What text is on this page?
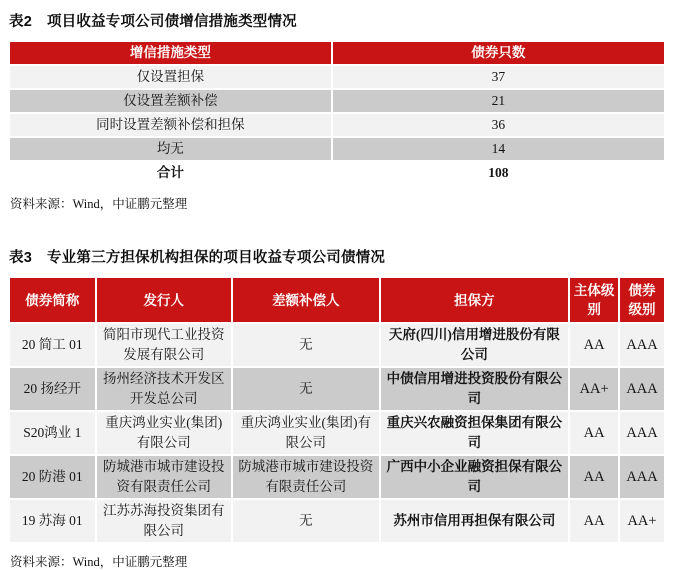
表2 项目收益专项公司债增信措施类型情况
增信措施类型	债券只数
仅设置担保	37
仅设置差额补偿	21
同时设置差额补偿和担保	36
均无	14
合计	108
资料来源：Wind，中证鹏元整理
表3 专业第三方担保机构担保的项目收益专项公司债情况
债券简称	发行人	差额补偿人	担保方	主体级别	债券级别
20 简工 01	简阳市现代工业投资发展有限公司	无	天府(四川)信用增进股份有限公司	AA	AAA
20 扬经开	扬州经济技术开发区开发总公司	无	中债信用增进投资股份有限公司	AA+	AAA
S20鸿业 1	重庆鸿业实业(集团)有限公司	重庆鸿业实业(集团)有限公司	重庆兴农融资担保集团有限公司	AA	AAA
20 防港 01	防城港市城市建设投资有限责任公司	防城港市城市建设投资有限责任公司	广西中小企业融资担保有限公司	AA	AAA
19 苏海 01	江苏苏海投资集团有限公司	无	苏州市信用再担保有限公司	AA	AA+
资料来源：Wind，中证鹏元整理
